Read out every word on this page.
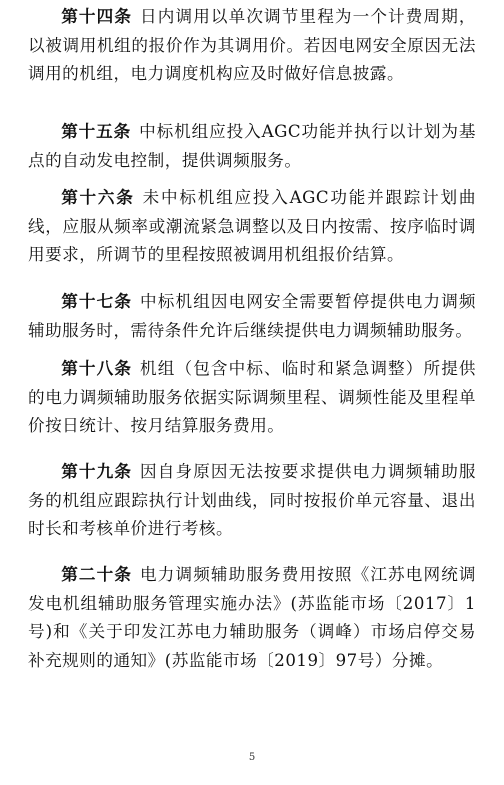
第十四条 日内调用以单次调节里程为一个计费周期，以被调用机组的报价作为其调用价。若因电网安全原因无法调用的机组，电力调度机构应及时做好信息披露。

第十五条 中标机组应投入AGC功能并执行以计划为基点的自动发电控制，提供调频服务。

第十六条 未中标机组应投入AGC功能并跟踪计划曲线，应服从频率或潮流紧急调整以及日内按需、按序临时调用要求，所调节的里程按照被调用机组报价结算。

第十七条 中标机组因电网安全需要暂停提供电力调频辅助服务时，需待条件允许后继续提供电力调频辅助服务。

第十八条 机组（包含中标、临时和紧急调整）所提供的电力调频辅助服务依据实际调频里程、调频性能及里程单价按日统计、按月结算服务费用。

第十九条 因自身原因无法按要求提供电力调频辅助服务的机组应跟踪执行计划曲线，同时按报价单元容量、退出时长和考核单价进行考核。

第二十条 电力调频辅助服务费用按照《江苏电网统调发电机组辅助服务管理实施办法》(苏监能市场〔2017〕1号)和《关于印发江苏电力辅助服务（调峰）市场启停交易补充规则的通知》(苏监能市场〔2019〕97号）分摊。

5
